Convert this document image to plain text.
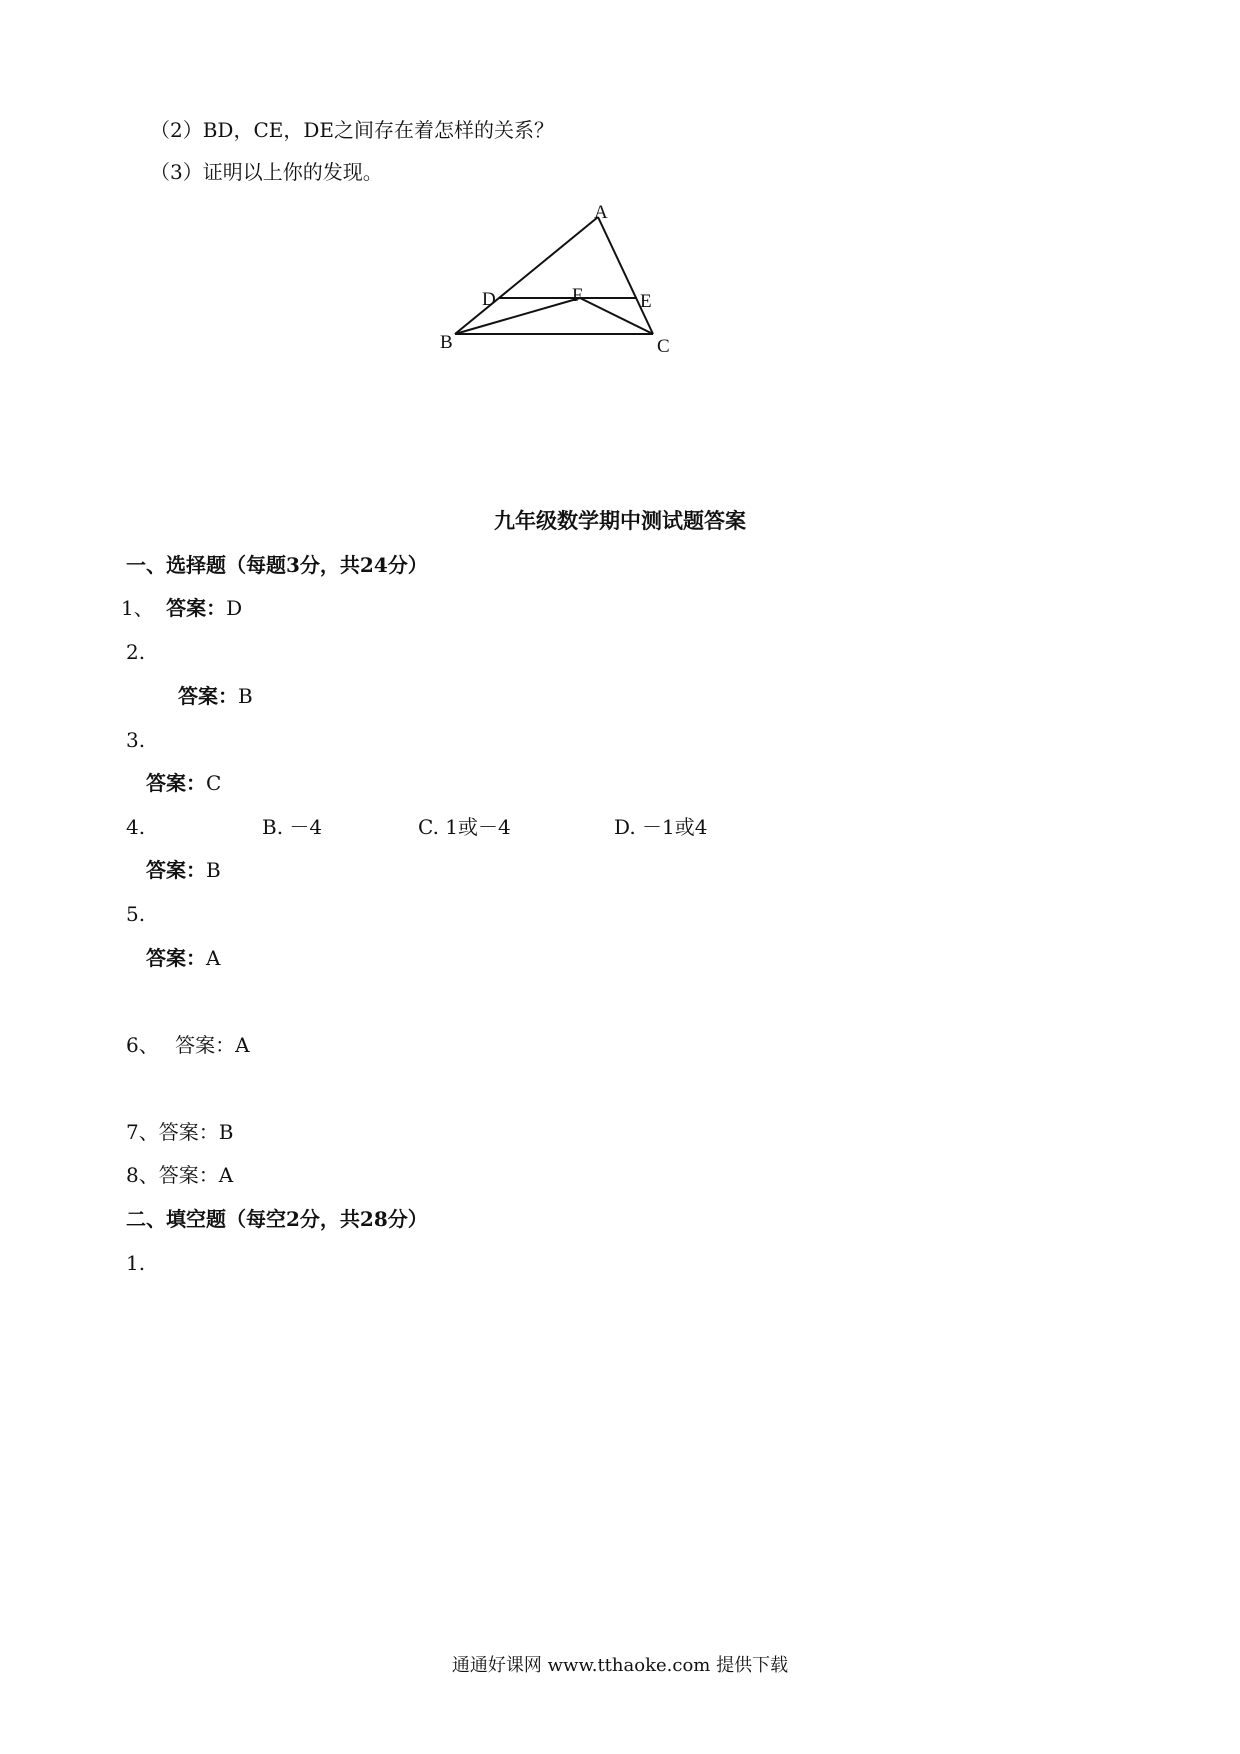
（2）BD，CE，DE之间存在着怎样的关系？
（3）证明以上你的发现。
A
D	F	E
B	C
九年级数学期中测试题答案
一、选择题（每题3分，共24分）
1、 答案：D
2.
答案：B
3.
答案：C
4.	B. －4	C. 1或－4	D. －1或4
答案：B
5.
答案：A
6、 答案：A
7、答案：B
8、答案：A
二、填空题（每空2分，共28分）
1.
通通好课网 www.tthaoke.com 提供下载
